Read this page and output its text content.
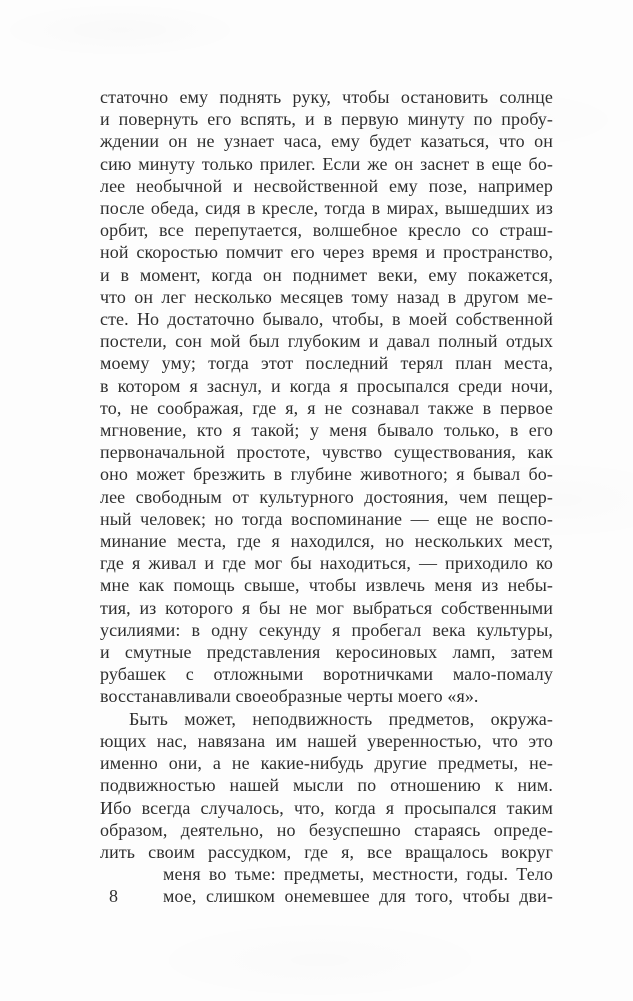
статочно ему поднять руку, чтобы остановить солнце
и повернуть его вспять, и в первую минуту по пробу-
ждении он не узнает часа, ему будет казаться, что он
сию минуту только прилег. Если же он заснет в еще бо-
лее необычной и несвойственной ему позе, например
после обеда, сидя в кресле, тогда в мирах, вышедших из
орбит, все перепутается, волшебное кресло со страш-
ной скоростью помчит его через время и пространство,
и в момент, когда он поднимет веки, ему покажется,
что он лег несколько месяцев тому назад в другом ме-
сте. Но достаточно бывало, чтобы, в моей собственной
постели, сон мой был глубоким и давал полный отдых
моему уму; тогда этот последний терял план места,
в котором я заснул, и когда я просыпался среди ночи,
то, не соображая, где я, я не сознавал также в первое
мгновение, кто я такой; у меня бывало только, в его
первоначальной простоте, чувство существования, как
оно может брезжить в глубине животного; я бывал бо-
лее свободным от культурного достояния, чем пещер-
ный человек; но тогда воспоминание — еще не воспо-
минание места, где я находился, но нескольких мест,
где я живал и где мог бы находиться, — приходило ко
мне как помощь свыше, чтобы извлечь меня из небы-
тия, из которого я бы не мог выбраться собственными
усилиями: в одну секунду я пробегал века культуры,
и смутные представления керосиновых ламп, затем
рубашек с отложными воротничками мало-помалу
восстанавливали своеобразные черты моего «я».
Быть может, неподвижность предметов, окружа-
ющих нас, навязана им нашей уверенностью, что это
именно они, а не какие-нибудь другие предметы, не-
подвижностью нашей мысли по отношению к ним.
Ибо всегда случалось, что, когда я просыпался таким
образом, деятельно, но безуспешно стараясь опреде-
лить своим рассудком, где я, все вращалось вокруг
8
меня во тьме: предметы, местности, годы. Тело
мое, слишком онемевшее для того, чтобы дви-
